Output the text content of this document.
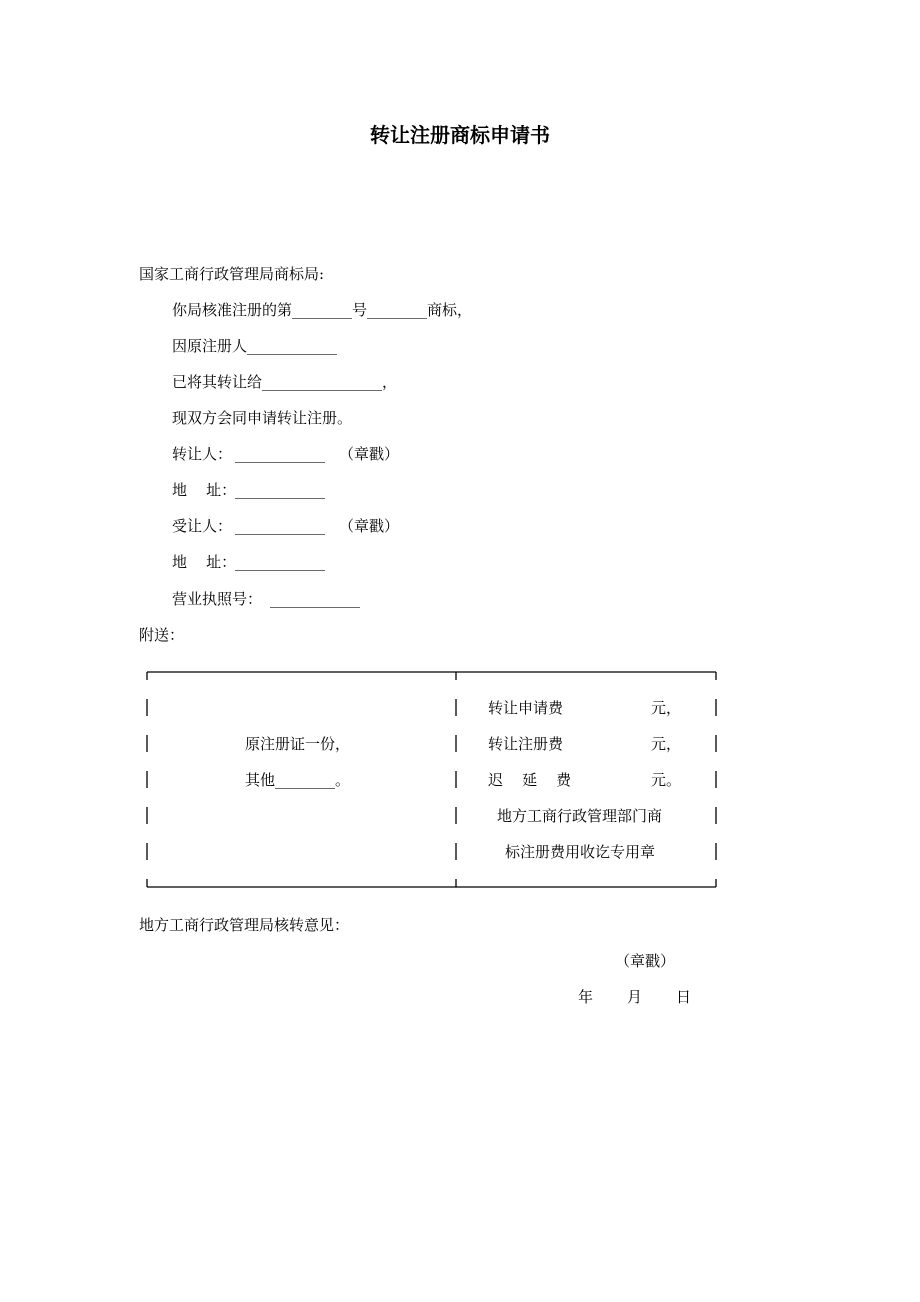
转让注册商标申请书
国家工商行政管理局商标局:
你局核准注册的第________号________商标，
因原注册人____________
已将其转让给________________，
现双方会同申请转让注册。
转让人： ____________ （章戳）
地    址：
____________
受让人： ____________ （章戳）
地    址：
____________
营业执照号： ____________
附送：
原注册证一份，
其他________。
转让申请费	元，
转让注册费	元，
迟    延    费	元。
地方工商行政管理部门商
标注册费用收讫专用章
地方工商行政管理局核转意见：
（章戳）
年 月 日
